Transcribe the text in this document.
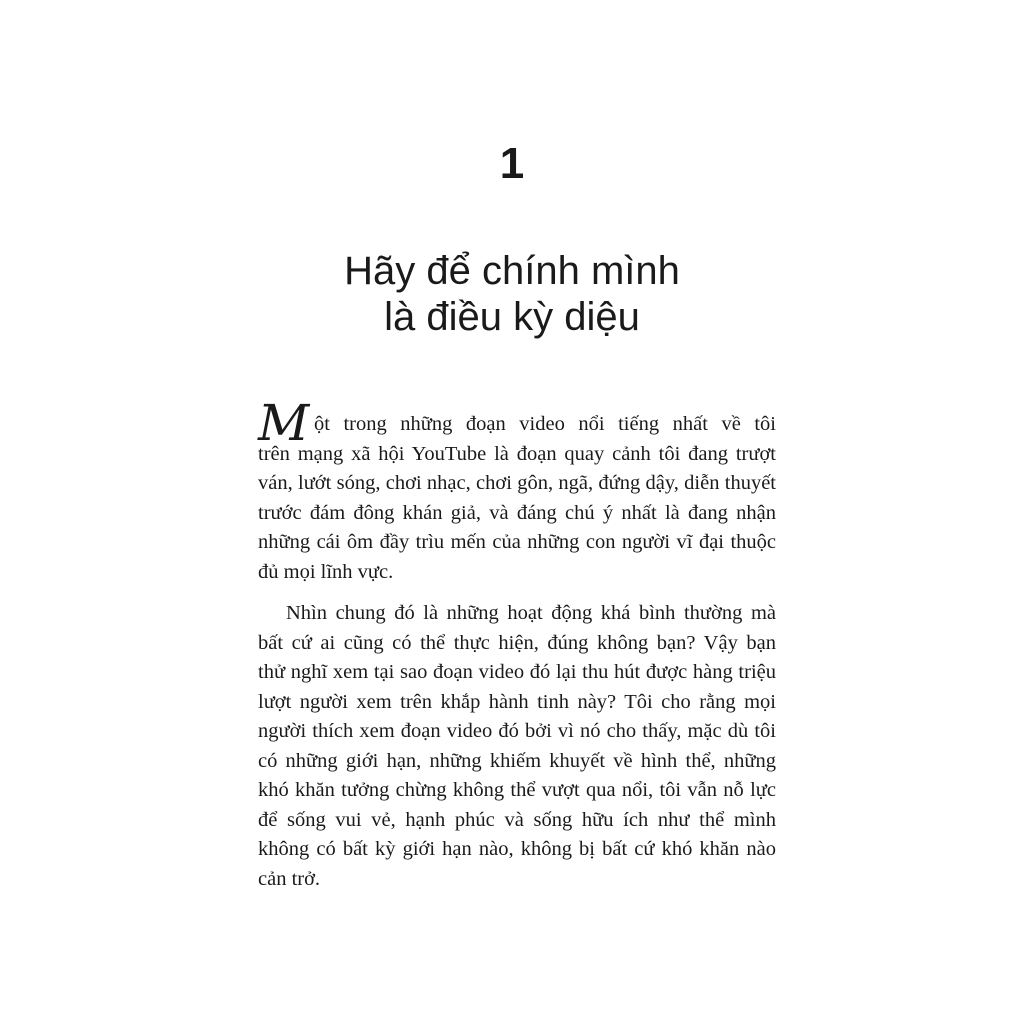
1
Hãy để chính mình
là điều kỳ diệu

M ột trong những đoạn video nổi tiếng nhất về tôi
trên mạng xã hội YouTube là đoạn quay cảnh tôi đang trượt
ván, lướt sóng, chơi nhạc, chơi gôn, ngã, đứng dậy, diễn thuyết
trước đám đông khán giả, và đáng chú ý nhất là đang nhận
những cái ôm đầy trìu mến của những con người vĩ đại thuộc
đủ mọi lĩnh vực.

Nhìn chung đó là những hoạt động khá bình thường mà
bất cứ ai cũng có thể thực hiện, đúng không bạn? Vậy bạn
thử nghĩ xem tại sao đoạn video đó lại thu hút được hàng triệu
lượt người xem trên khắp hành tinh này? Tôi cho rằng mọi
người thích xem đoạn video đó bởi vì nó cho thấy, mặc dù tôi
có những giới hạn, những khiếm khuyết về hình thể, những
khó khăn tưởng chừng không thể vượt qua nổi, tôi vẫn nỗ lực
để sống vui vẻ, hạnh phúc và sống hữu ích như thể mình
không có bất kỳ giới hạn nào, không bị bất cứ khó khăn nào
cản trở.
